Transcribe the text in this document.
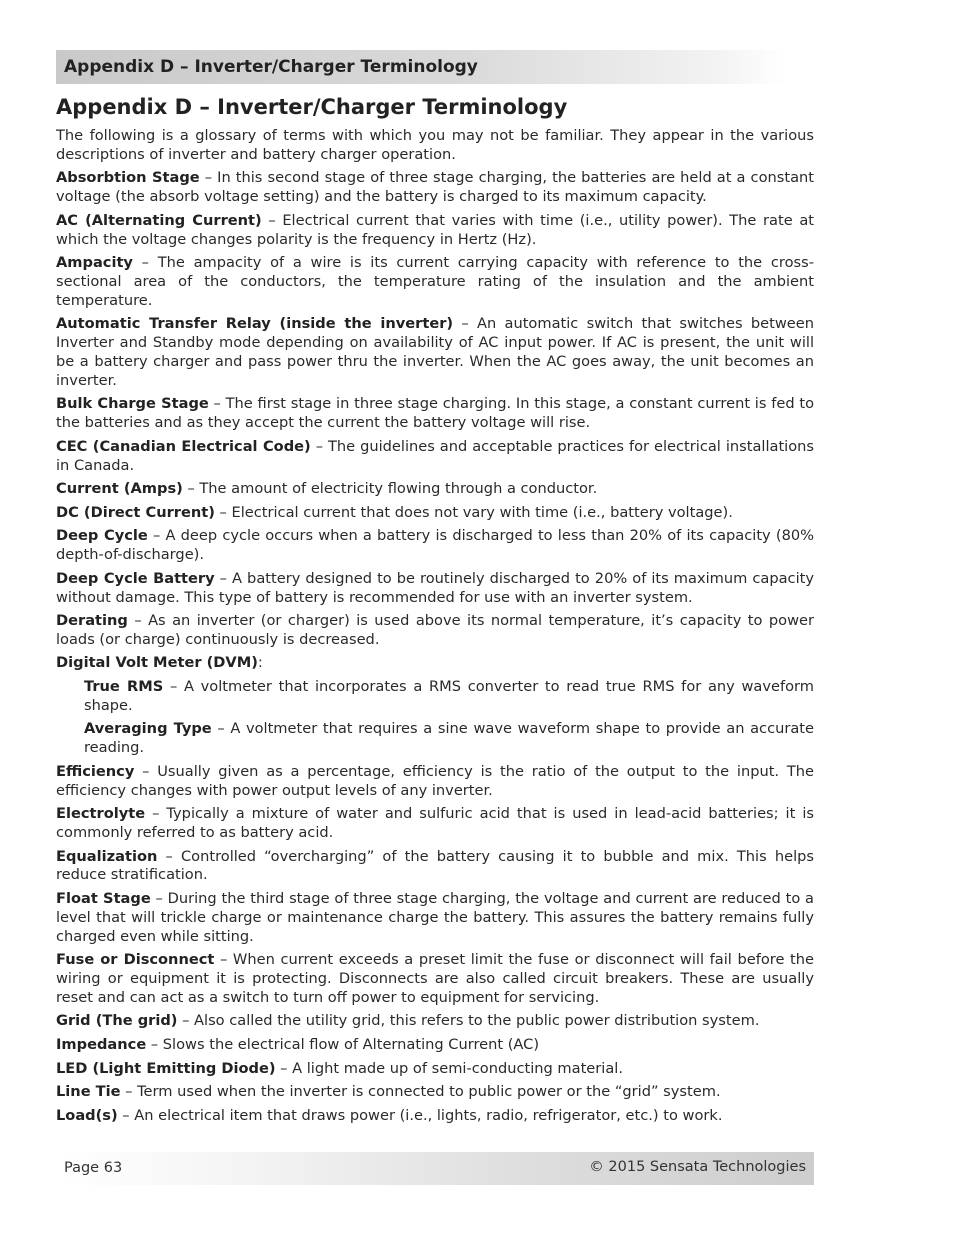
Appendix D – Inverter/Charger Terminology
Appendix D – Inverter/Charger Terminology

The following is a glossary of terms with which you may not be familiar. They appear in the various descriptions of inverter and battery charger operation.

Absorbtion Stage – In this second stage of three stage charging, the batteries are held at a constant voltage (the absorb voltage setting) and the battery is charged to its maximum capacity.

AC (Alternating Current) – Electrical current that varies with time (i.e., utility power). The rate at which the voltage changes polarity is the frequency in Hertz (Hz).

Ampacity – The ampacity of a wire is its current carrying capacity with reference to the cross-sectional area of the conductors, the temperature rating of the insulation and the ambient temperature.

Automatic Transfer Relay (inside the inverter) – An automatic switch that switches between Inverter and Standby mode depending on availability of AC input power. If AC is present, the unit will be a battery charger and pass power thru the inverter. When the AC goes away, the unit becomes an inverter.

Bulk Charge Stage – The first stage in three stage charging. In this stage, a constant current is fed to the batteries and as they accept the current the battery voltage will rise.

CEC (Canadian Electrical Code) – The guidelines and acceptable practices for electrical installations in Canada.

Current (Amps) – The amount of electricity flowing through a conductor.

DC (Direct Current) – Electrical current that does not vary with time (i.e., battery voltage).

Deep Cycle – A deep cycle occurs when a battery is discharged to less than 20% of its capacity (80% depth-of-discharge).

Deep Cycle Battery – A battery designed to be routinely discharged to 20% of its maximum capacity without damage. This type of battery is recommended for use with an inverter system.

Derating – As an inverter (or charger) is used above its normal temperature, it’s capacity to power loads (or charge) continuously is decreased.

Digital Volt Meter (DVM):

True RMS – A voltmeter that incorporates a RMS converter to read true RMS for any waveform shape.

Averaging Type – A voltmeter that requires a sine wave waveform shape to provide an accurate reading.

Efficiency – Usually given as a percentage, efficiency is the ratio of the output to the input. The efficiency changes with power output levels of any inverter.

Electrolyte – Typically a mixture of water and sulfuric acid that is used in lead-acid batteries; it is commonly referred to as battery acid.

Equalization – Controlled “overcharging” of the battery causing it to bubble and mix. This helps reduce stratification.

Float Stage – During the third stage of three stage charging, the voltage and current are reduced to a level that will trickle charge or maintenance charge the battery. This assures the battery remains fully charged even while sitting.

Fuse or Disconnect – When current exceeds a preset limit the fuse or disconnect will fail before the wiring or equipment it is protecting. Disconnects are also called circuit breakers. These are usually reset and can act as a switch to turn off power to equipment for servicing.

Grid (The grid) – Also called the utility grid, this refers to the public power distribution system.

Impedance – Slows the electrical flow of Alternating Current (AC)

LED (Light Emitting Diode) – A light made up of semi-conducting material.

Line Tie – Term used when the inverter is connected to public power or the “grid” system.

Load(s) – An electrical item that draws power (i.e., lights, radio, refrigerator, etc.) to work.

Page 63	© 2015 Sensata Technologies
